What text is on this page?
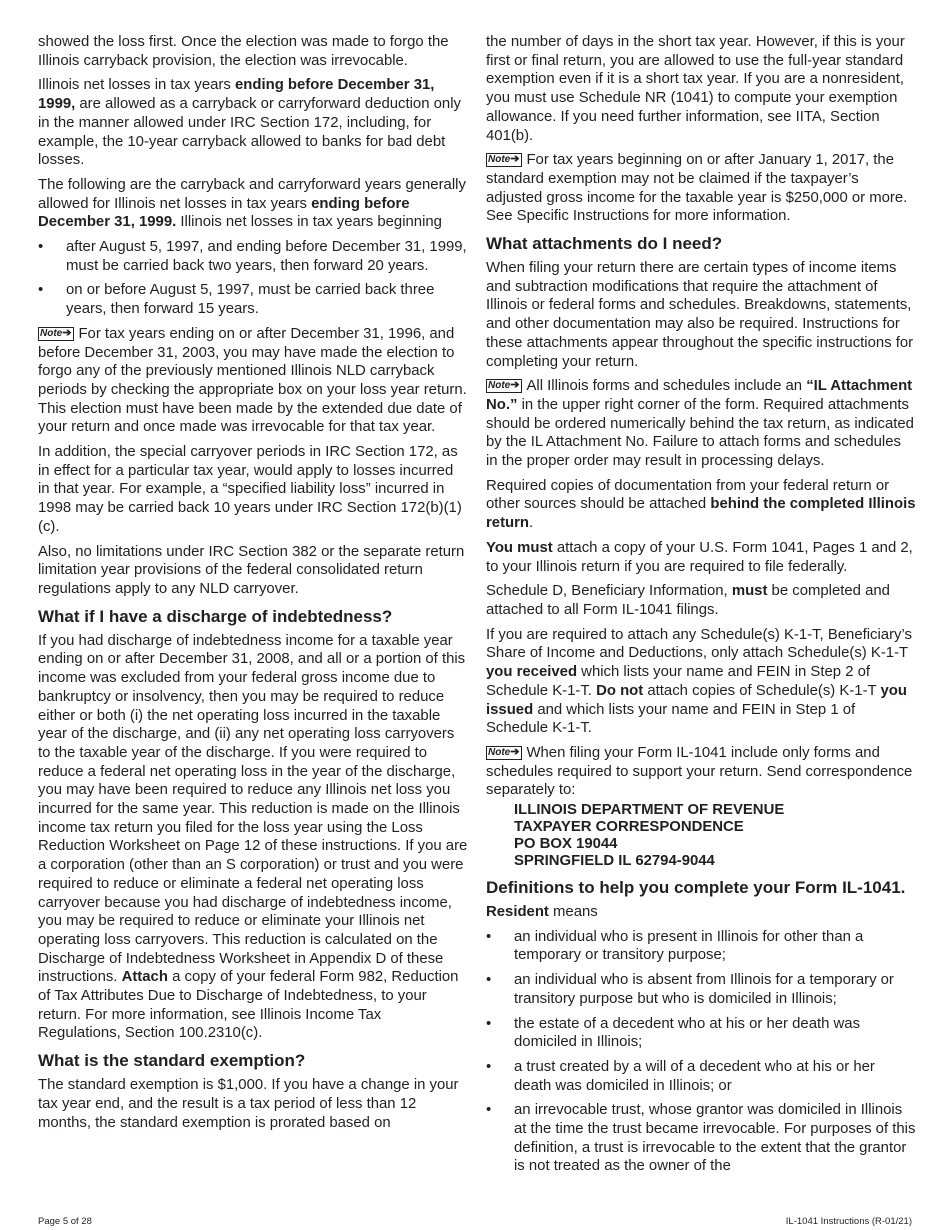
showed the loss first. Once the election was made to forgo the Illinois carryback provision, the election was irrevocable.

Illinois net losses in tax years ending before December 31, 1999, are allowed as a carryback or carryforward deduction only in the manner allowed under IRC Section 172, including, for example, the 10-year carryback allowed to banks for bad debt losses.

The following are the carryback and carryforward years generally allowed for Illinois net losses in tax years ending before December 31, 1999. Illinois net losses in tax years beginning

• after August 5, 1997, and ending before December 31, 1999, must be carried back two years, then forward 20 years.
• on or before August 5, 1997, must be carried back three years, then forward 15 years.

Note➔ For tax years ending on or after December 31, 1996, and before December 31, 2003, you may have made the election to forgo any of the previously mentioned Illinois NLD carryback periods by checking the appropriate box on your loss year return. This election must have been made by the extended due date of your return and once made was irrevocable for that tax year.

In addition, the special carryover periods in IRC Section 172, as in effect for a particular tax year, would apply to losses incurred in that year. For example, a “specified liability loss” incurred in 1998 may be carried back 10 years under IRC Section 172(b)(1)(c).

Also, no limitations under IRC Section 382 or the separate return limitation year provisions of the federal consolidated return regulations apply to any NLD carryover.

What if I have a discharge of indebtedness?

If you had discharge of indebtedness income for a taxable year ending on or after December 31, 2008, and all or a portion of this income was excluded from your federal gross income due to bankruptcy or insolvency, then you may be required to reduce either or both (i) the net operating loss incurred in the taxable year of the discharge, and (ii) any net operating loss carryovers to the taxable year of the discharge. If you were required to reduce a federal net operating loss in the year of the discharge, you may have been required to reduce any Illinois net loss you incurred for the same year. This reduction is made on the Illinois income tax return you filed for the loss year using the Loss Reduction Worksheet on Page 12 of these instructions. If you are a corporation (other than an S corporation) or trust and you were required to reduce or eliminate a federal net operating loss carryover because you had discharge of indebtedness income, you may be required to reduce or eliminate your Illinois net operating loss carryovers. This reduction is calculated on the Discharge of Indebtedness Worksheet in Appendix D of these instructions. Attach a copy of your federal Form 982, Reduction of Tax Attributes Due to Discharge of Indebtedness, to your return. For more information, see Illinois Income Tax Regulations, Section 100.2310(c).

What is the standard exemption?

The standard exemption is $1,000. If you have a change in your tax year end, and the result is a tax period of less than 12 months, the standard exemption is prorated based on

the number of days in the short tax year. However, if this is your first or final return, you are allowed to use the full-year standard exemption even if it is a short tax year. If you are a nonresident, you must use Schedule NR (1041) to compute your exemption allowance. If you need further information, see IITA, Section 401(b).

Note➔ For tax years beginning on or after January 1, 2017, the standard exemption may not be claimed if the taxpayer’s adjusted gross income for the taxable year is $250,000 or more. See Specific Instructions for more information.

What attachments do I need?

When filing your return there are certain types of income items and subtraction modifications that require the attachment of Illinois or federal forms and schedules. Breakdowns, statements, and other documentation may also be required. Instructions for these attachments appear throughout the specific instructions for completing your return.

Note➔ All Illinois forms and schedules include an “IL Attachment No.” in the upper right corner of the form. Required attachments should be ordered numerically behind the tax return, as indicated by the IL Attachment No. Failure to attach forms and schedules in the proper order may result in processing delays.

Required copies of documentation from your federal return or other sources should be attached behind the completed Illinois return.

You must attach a copy of your U.S. Form 1041, Pages 1 and 2, to your Illinois return if you are required to file federally.

Schedule D, Beneficiary Information, must be completed and attached to all Form IL-1041 filings.

If you are required to attach any Schedule(s) K-1-T, Beneficiary’s Share of Income and Deductions, only attach Schedule(s) K-1-T you received which lists your name and FEIN in Step 2 of Schedule K-1-T. Do not attach copies of Schedule(s) K-1-T you issued and which lists your name and FEIN in Step 1 of Schedule K-1-T.

Note➔ When filing your Form IL-1041 include only forms and schedules required to support your return. Send correspondence separately to:

ILLINOIS DEPARTMENT OF REVENUE
TAXPAYER CORRESPONDENCE
PO BOX 19044
SPRINGFIELD IL 62794-9044
Definitions to help you complete your Form IL-1041.

Resident means

• an individual who is present in Illinois for other than a temporary or transitory purpose;
• an individual who is absent from Illinois for a temporary or transitory purpose but who is domiciled in Illinois;
• the estate of a decedent who at his or her death was domiciled in Illinois;
• a trust created by a will of a decedent who at his or her death was domiciled in Illinois; or
• an irrevocable trust, whose grantor was domiciled in Illinois at the time the trust became irrevocable. For purposes of this definition, a trust is irrevocable to the extent that the grantor is not treated as the owner of the
Page 5 of 28	IL-1041 Instructions (R-01/21)
